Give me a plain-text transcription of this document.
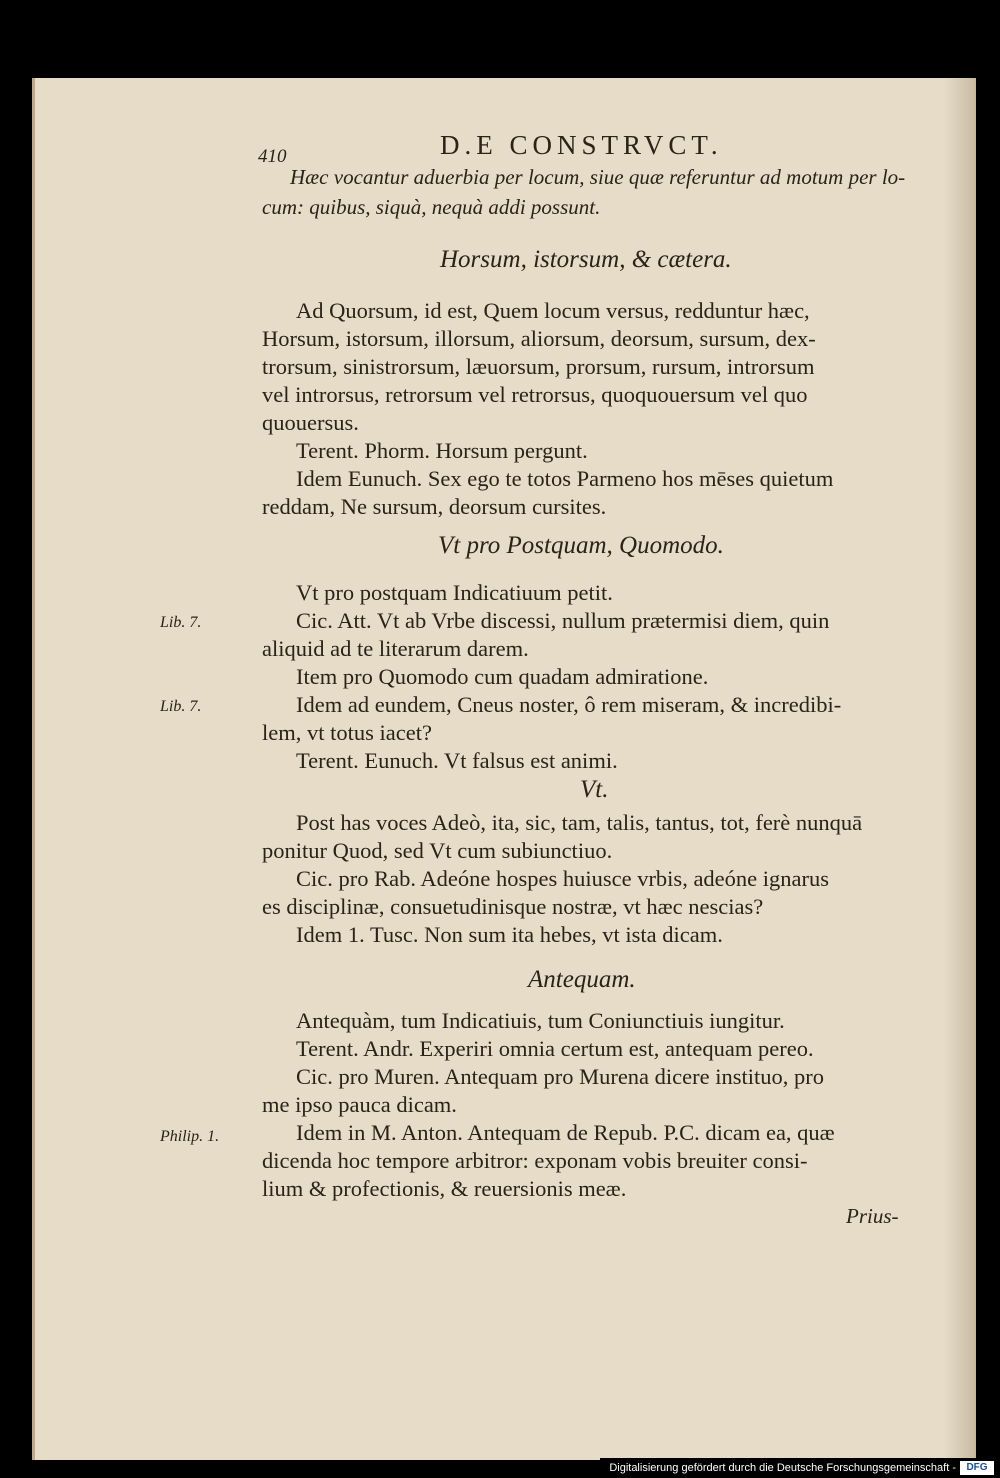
410	D.E CONSTRVCT.
Hæc vocantur aduerbia per locum, siue quæ referuntur ad motum per lo-
cum: quibus, siquà, nequà addi possunt.
Horsum, istorsum, & cætera.
Ad Quorsum, id est, Quem locum versus, redduntur hæc,
Horsum, istorsum, illorsum, aliorsum, deorsum, sursum, dex-
trorsum, sinistrorsum, læuorsum, prorsum, rursum, introrsum
vel introrsus, retrorsum vel retrorsus, quoquouersum vel quo
quouersus.
Terent. Phorm. Horsum pergunt.
Idem Eunuch. Sex ego te totos Parmeno hos mēses quietum
reddam, Ne sursum, deorsum cursites.
Vt pro Postquam, Quomodo.
Vt pro postquam Indicatiuum petit.
Lib. 7.	Cic. Att. Vt ab Vrbe discessi, nullum prætermisi diem, quin
aliquid ad te literarum darem.
Item pro Quomodo cum quadam admiratione.
Lib. 7.	Idem ad eundem, Cneus noster, ô rem miseram, & incredibi-
lem, vt totus iacet?
Terent. Eunuch. Vt falsus est animi.
Vt.
Post has voces Adeò, ita, sic, tam, talis, tantus, tot, ferè nunquā
ponitur Quod, sed Vt cum subiunctiuo.
Cic. pro Rab. Adeóne hospes huiusce vrbis, adeóne ignarus
es disciplinæ, consuetudinisque nostræ, vt hæc nescias?
Idem 1. Tusc. Non sum ita hebes, vt ista dicam.
Antequam.
Antequàm, tum Indicatiuis, tum Coniunctiuis iungitur.
Terent. Andr. Experiri omnia certum est, antequam pereo.
Cic. pro Muren. Antequam pro Murena dicere instituo, pro
me ipso pauca dicam.
Philip. 1.	Idem in M. Anton. Antequam de Repub. P.C. dicam ea, quæ
dicenda hoc tempore arbitror: exponam vobis breuiter consi-
lium & profectionis, & reuersionis meæ.
Prius-
Digitalisierung gefördert durch die Deutsche Forschungsgemeinschaft -	DFG
